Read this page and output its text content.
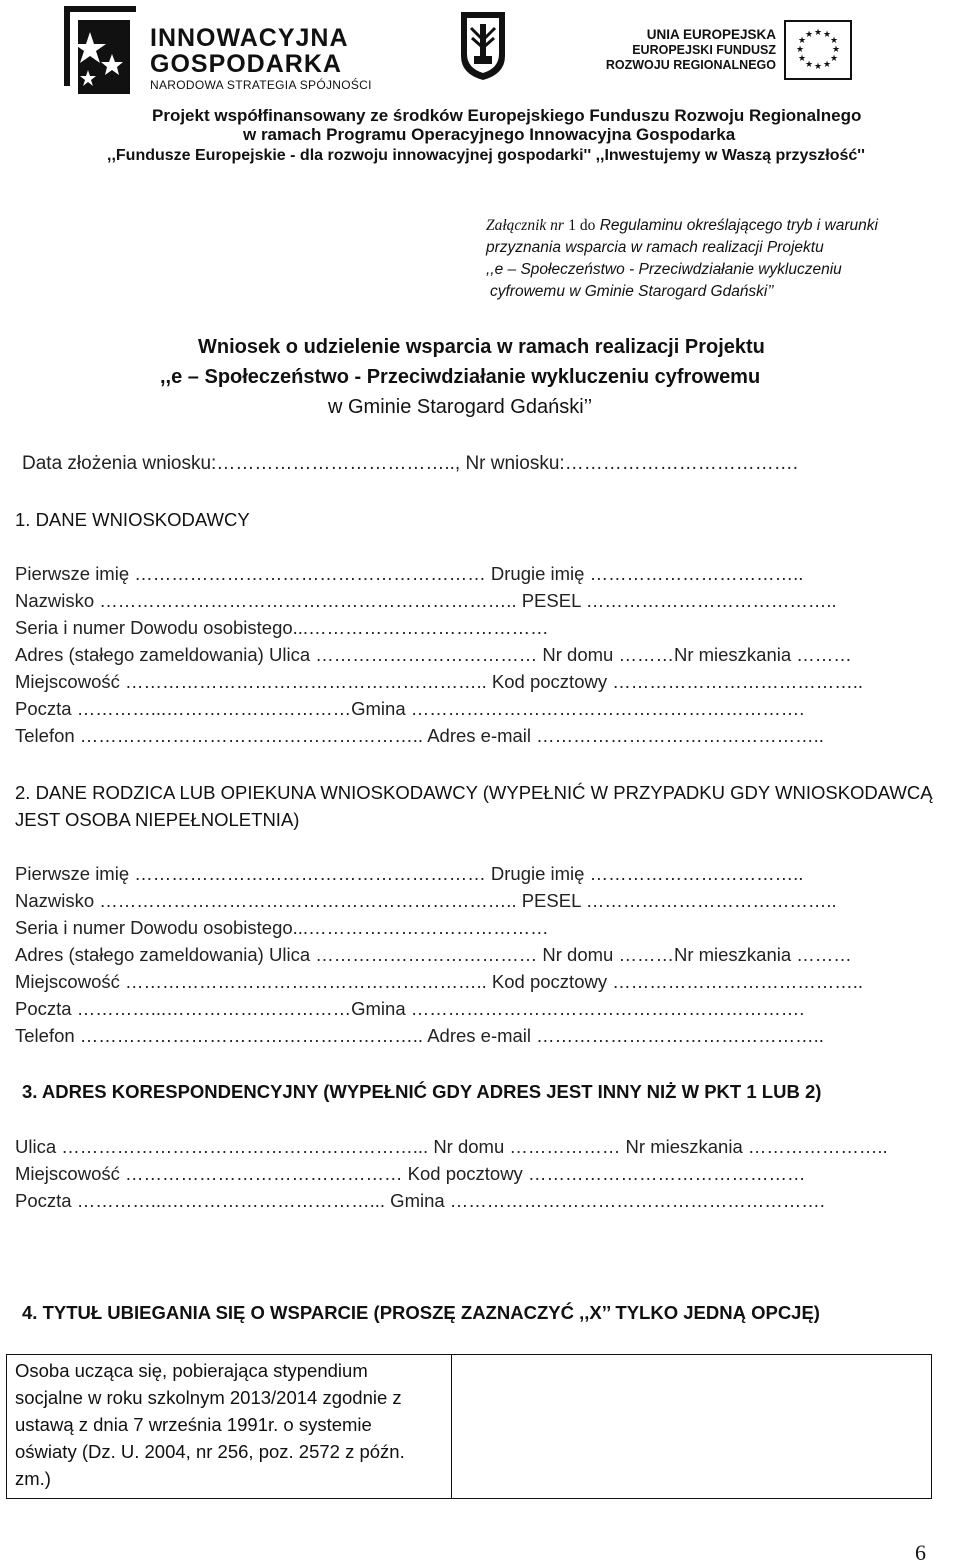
INNOWACYJNA
GOSPODARKA
NARODOWA STRATEGIA SPÓJNOŚCI
UNIA EUROPEJSKA
EUROPEJSKI FUNDUSZ
ROZWOJU REGIONALNEGO
★ ★
★
★
★
★
★
★
★
★
★
★
Projekt współfinansowany ze środków Europejskiego Funduszu Rozwoju Regionalnego
w ramach Programu Operacyjnego Innowacyjna Gospodarka
,,Fundusze Europejskie - dla rozwoju innowacyjnej gospodarki'' ,,Inwestujemy w Waszą przyszłość''
Załącznik nr 1 do Regulaminu określającego tryb i warunki
przyznania wsparcia w ramach realizacji Projektu
,,e – Społeczeństwo - Przeciwdziałanie wykluczeniu
cyfrowemu w Gminie Starogard Gdański’’
Wniosek o udzielenie wsparcia w ramach realizacji Projektu
,,e – Społeczeństwo - Przeciwdziałanie wykluczeniu cyfrowemu
w Gminie Starogard Gdański’’
Data złożenia wniosku:……………………………….., Nr wniosku:……………………………….
1. DANE WNIOSKODAWCY
Pierwsze imię ………………………………………………… Drugie imię ……………………………..
Nazwisko ………………………………………………………….. PESEL …………………………………..
Seria i numer Dowodu osobistego...…………………………………
Adres (stałego zameldowania) Ulica ……………………………… Nr domu ………Nr mieszkania ………
Miejscowość ………………………………………………….. Kod pocztowy …………………………………..
Poczta …………...…………………………Gmina ……………………………………………………….
Telefon ……………………………………………….. Adres e-mail ………………………………………..
2. DANE RODZICA LUB OPIEKUNA WNIOSKODAWCY (WYPEŁNIĆ W PRZYPADKU GDY WNIOSKODAWCĄ
JEST OSOBA NIEPEŁNOLETNIA)
Pierwsze imię ………………………………………………… Drugie imię ……………………………..
Nazwisko ………………………………………………………….. PESEL …………………………………..
Seria i numer Dowodu osobistego...…………………………………
Adres (stałego zameldowania) Ulica ……………………………… Nr domu ………Nr mieszkania ………
Miejscowość ………………………………………………….. Kod pocztowy …………………………………..
Poczta …………...…………………………Gmina ……………………………………………………….
Telefon ……………………………………………….. Adres e-mail ………………………………………..
3. ADRES KORESPONDENCYJNY (WYPEŁNIĆ GDY ADRES JEST INNY NIŻ W PKT 1 LUB 2)
Ulica …………………………………………………... Nr domu ……………… Nr mieszkania …………………..
Miejscowość ……………………………………… Kod pocztowy ………………………………………
Poczta …………...……………………………... Gmina …………………………………………………….
4. TYTUŁ UBIEGANIA SIĘ O WSPARCIE (PROSZĘ ZAZNACZYĆ ,,X’’ TYLKO JEDNĄ OPCJĘ)
Osoba ucząca się, pobierająca stypendium
socjalne w roku szkolnym 2013/2014 zgodnie z
ustawą z dnia 7 września 1991r. o systemie
oświaty (Dz. U. 2004, nr 256, poz. 2572 z późn.
zm.)

6
